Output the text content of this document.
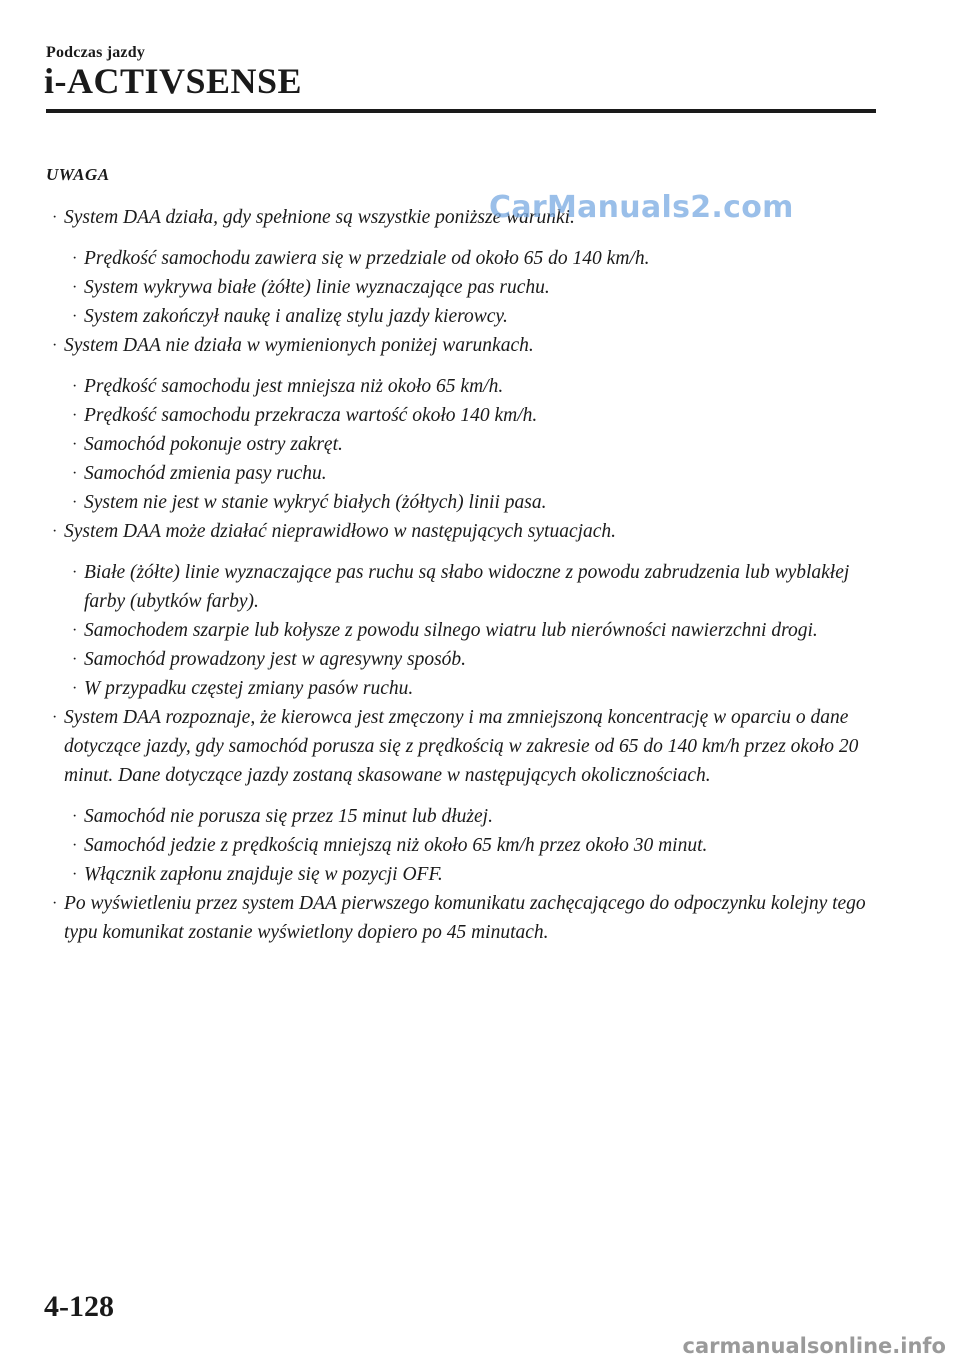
Podczas jazdy
i-ACTIVSENSE
UWAGA

· System DAA działa, gdy spełnione są wszystkie poniższe warunki.

· Prędkość samochodu zawiera się w przedziale od około 65 do 140 km/h.

· System wykrywa białe (żółte) linie wyznaczające pas ruchu.

· System zakończył naukę i analizę stylu jazdy kierowcy.

· System DAA nie działa w wymienionych poniżej warunkach.

· Prędkość samochodu jest mniejsza niż około 65 km/h.

· Prędkość samochodu przekracza wartość około 140 km/h.

· Samochód pokonuje ostry zakręt.

· Samochód zmienia pasy ruchu.

· System nie jest w stanie wykryć białych (żółtych) linii pasa.

· System DAA może działać nieprawidłowo w następujących sytuacjach.

· Białe (żółte) linie wyznaczające pas ruchu są słabo widoczne z powodu zabrudzenia lub wyblakłej farby (ubytków farby).

· Samochodem szarpie lub kołysze z powodu silnego wiatru lub nierówności nawierzchni drogi.

· Samochód prowadzony jest w agresywny sposób.

· W przypadku częstej zmiany pasów ruchu.

· System DAA rozpoznaje, że kierowca jest zmęczony i ma zmniejszoną koncentrację w oparciu o dane dotyczące jazdy, gdy samochód porusza się z prędkością w zakresie od 65 do 140 km/h przez około 20 minut. Dane dotyczące jazdy zostaną skasowane w następujących okolicznościach.

· Samochód nie porusza się przez 15 minut lub dłużej.

· Samochód jedzie z prędkością mniejszą niż około 65 km/h przez około 30 minut.

· Włącznik zapłonu znajduje się w pozycji OFF.

· Po wyświetleniu przez system DAA pierwszego komunikatu zachęcającego do odpoczynku kolejny tego typu komunikat zostanie wyświetlony dopiero po 45 minutach.

CarManuals2.com
4-128
carmanualsonline.info
